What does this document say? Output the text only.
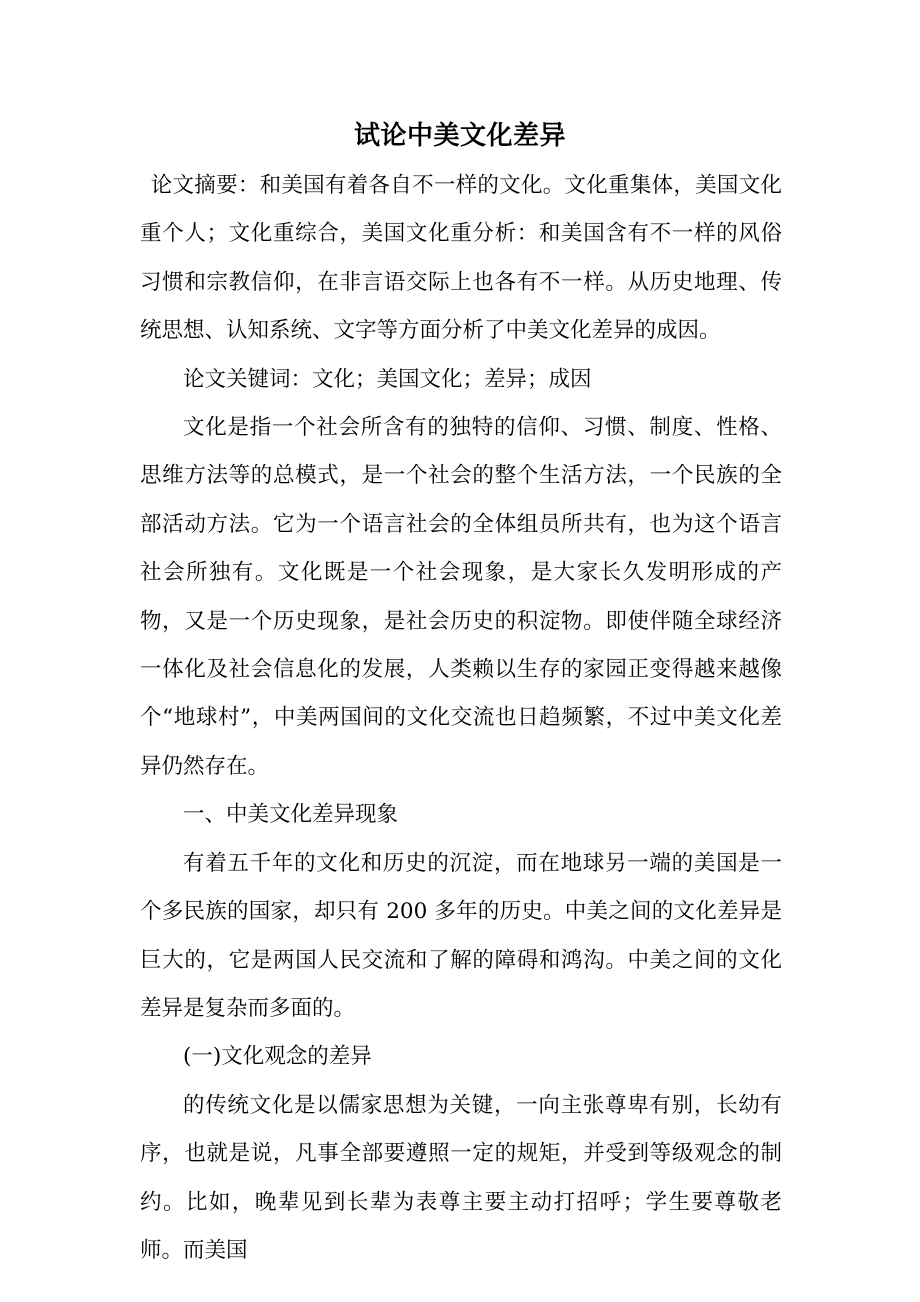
试论中美文化差异

论文摘要：和美国有着各自不一样的文化。文化重集体，美国文化重个人；文化重综合，美国文化重分析：和美国含有不一样的风俗习惯和宗教信仰，在非言语交际上也各有不一样。从历史地理、传统思想、认知系统、文字等方面分析了中美文化差异的成因。

论文关键词：文化；美国文化；差异；成因

文化是指一个社会所含有的独特的信仰、习惯、制度、性格、思维方法等的总模式，是一个社会的整个生活方法，一个民族的全部活动方法。它为一个语言社会的全体组员所共有，也为这个语言社会所独有。文化既是一个社会现象，是大家长久发明形成的产物，又是一个历史现象，是社会历史的积淀物。即使伴随全球经济一体化及社会信息化的发展，人类赖以生存的家园正变得越来越像个“地球村”，中美两国间的文化交流也日趋频繁，不过中美文化差异仍然存在。

一、中美文化差异现象

有着五千年的文化和历史的沉淀，而在地球另一端的美国是一个多民族的国家，却只有 200 多年的历史。中美之间的文化差异是巨大的，它是两国人民交流和了解的障碍和鸿沟。中美之间的文化差异是复杂而多面的。

(一)文化观念的差异

的传统文化是以儒家思想为关键，一向主张尊卑有别，长幼有序，也就是说，凡事全部要遵照一定的规矩，并受到等级观念的制约。比如，晚辈见到长辈为表尊主要主动打招呼；学生要尊敬老师。而美国
